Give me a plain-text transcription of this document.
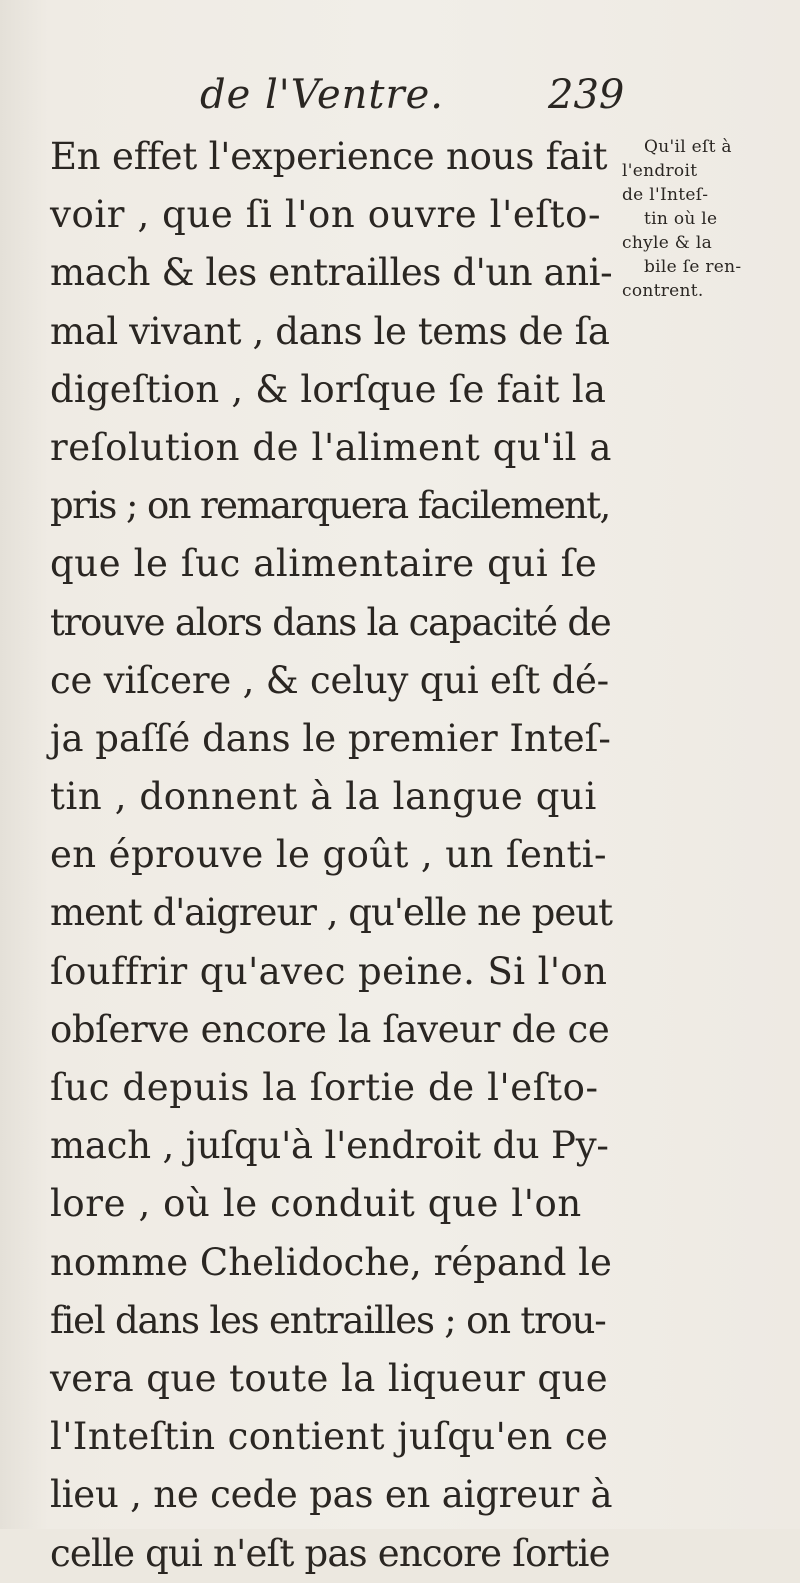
de l'Ventre.	239
En effet l'experience nous fait
voir , que ſi l'on ouvre l'eſto-
mach & les entrailles d'un ani-
mal vivant , dans le tems de ſa
digeſtion , & lorſque ſe fait la
reſolution de l'aliment qu'il a
pris ; on remarquera facilement,
que le ſuc alimentaire qui ſe
trouve alors dans la capacité de
ce viſcere , & celuy qui eſt dé-
ja paſſé dans le premier Inteſ-
tin , donnent à la langue qui
en éprouve le goût , un ſenti-
ment d'aigreur , qu'elle ne peut
ſouffrir qu'avec peine. Si l'on
obſerve encore la ſaveur de ce
ſuc depuis la ſortie de l'eſto-
mach , juſqu'à l'endroit du Py-
lore , où le conduit que l'on
nomme Chelidoche, répand le
fiel dans les entrailles ; on trou-
vera que toute la liqueur que
l'Inteſtin contient juſqu'en ce
lieu , ne cede pas en aigreur à
celle qui n'eſt pas encore ſortie
Qu'il eſt à
l'endroit
de l'Inteſ-
tin où le
chyle & la
bile ſe ren-
contrent.
